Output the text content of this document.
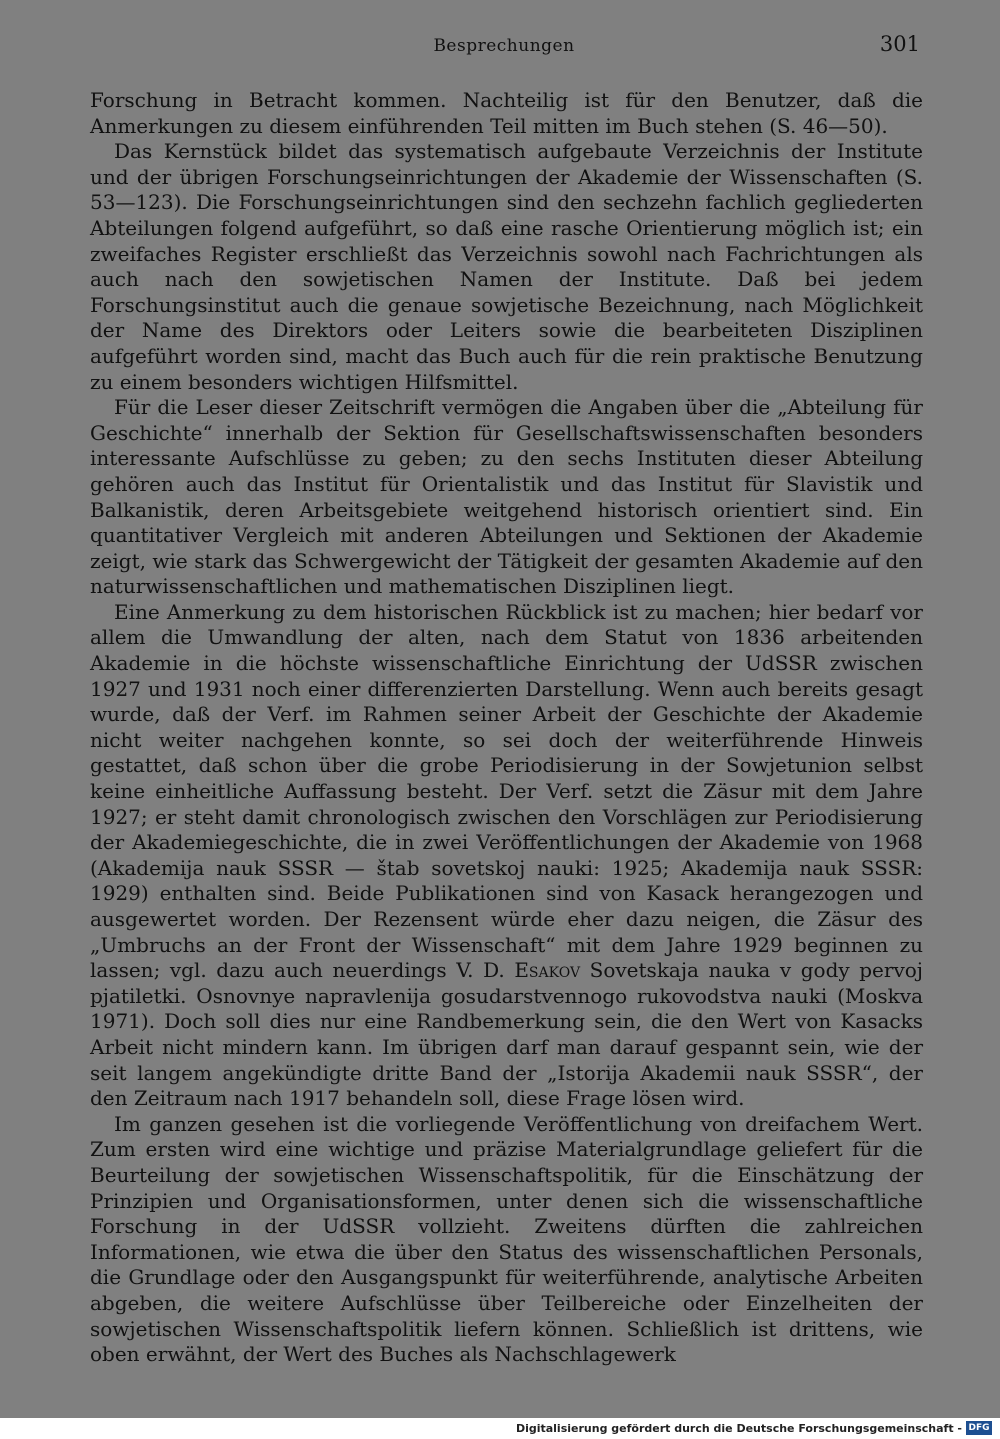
Besprechungen	301

Forschung in Betracht kommen. Nachteilig ist für den Benutzer, daß die Anmerkungen zu diesem einführenden Teil mitten im Buch stehen (S. 46—50).

Das Kernstück bildet das systematisch aufgebaute Verzeichnis der Institute und der übrigen Forschungseinrichtungen der Akademie der Wissenschaften (S. 53—123). Die Forschungseinrichtungen sind den sechzehn fachlich gegliederten Abteilungen folgend aufgeführt, so daß eine rasche Orientierung möglich ist; ein zweifaches Register erschließt das Verzeichnis sowohl nach Fachrichtungen als auch nach den sowjetischen Namen der Institute. Daß bei jedem Forschungsinstitut auch die genaue sowjetische Bezeichnung, nach Möglichkeit der Name des Direktors oder Leiters sowie die bearbeiteten Disziplinen aufgeführt worden sind, macht das Buch auch für die rein praktische Benutzung zu einem besonders wichtigen Hilfsmittel.

Für die Leser dieser Zeitschrift vermögen die Angaben über die „Abteilung für Geschichte“ innerhalb der Sektion für Gesellschaftswissenschaften besonders interessante Aufschlüsse zu geben; zu den sechs Instituten dieser Abteilung gehören auch das Institut für Orientalistik und das Institut für Slavistik und Balkanistik, deren Arbeitsgebiete weitgehend historisch orientiert sind. Ein quantitativer Vergleich mit anderen Abteilungen und Sektionen der Akademie zeigt, wie stark das Schwergewicht der Tätigkeit der gesamten Akademie auf den naturwissenschaftlichen und mathematischen Disziplinen liegt.

Eine Anmerkung zu dem historischen Rückblick ist zu machen; hier bedarf vor allem die Umwandlung der alten, nach dem Statut von 1836 arbeitenden Akademie in die höchste wissenschaftliche Einrichtung der UdSSR zwischen 1927 und 1931 noch einer differenzierten Darstellung. Wenn auch bereits gesagt wurde, daß der Verf. im Rahmen seiner Arbeit der Geschichte der Akademie nicht weiter nachgehen konnte, so sei doch der weiterführende Hinweis gestattet, daß schon über die grobe Periodisierung in der Sowjetunion selbst keine einheitliche Auffassung besteht. Der Verf. setzt die Zäsur mit dem Jahre 1927; er steht damit chronologisch zwischen den Vorschlägen zur Periodisierung der Akademiegeschichte, die in zwei Veröffentlichungen der Akademie von 1968 (Akademija nauk SSSR — štab sovetskoj nauki: 1925; Akademija nauk SSSR: 1929) enthalten sind. Beide Publikationen sind von Kasack herangezogen und ausgewertet worden. Der Rezensent würde eher dazu neigen, die Zäsur des „Umbruchs an der Front der Wissenschaft“ mit dem Jahre 1929 beginnen zu lassen; vgl. dazu auch neuerdings V. D. Esakov Sovetskaja nauka v gody pervoj pjatiletki. Osnovnye napravlenija gosudarstvennogo rukovodstva nauki (Moskva 1971). Doch soll dies nur eine Randbemerkung sein, die den Wert von Kasacks Arbeit nicht mindern kann. Im übrigen darf man darauf gespannt sein, wie der seit langem angekündigte dritte Band der „Istorija Akademii nauk SSSR“, der den Zeitraum nach 1917 behandeln soll, diese Frage lösen wird.

Im ganzen gesehen ist die vorliegende Veröffentlichung von dreifachem Wert. Zum ersten wird eine wichtige und präzise Materialgrundlage geliefert für die Beurteilung der sowjetischen Wissenschaftspolitik, für die Einschätzung der Prinzipien und Organisationsformen, unter denen sich die wissenschaftliche Forschung in der UdSSR vollzieht. Zweitens dürften die zahlreichen Informationen, wie etwa die über den Status des wissenschaftlichen Personals, die Grundlage oder den Ausgangspunkt für weiterführende, analytische Arbeiten abgeben, die weitere Aufschlüsse über Teilbereiche oder Einzelheiten der sowjetischen Wissenschaftspolitik liefern können. Schließlich ist drittens, wie oben erwähnt, der Wert des Buches als Nachschlagewerk

Digitalisierung gefördert durch die Deutsche Forschungsgemeinschaft - DFG
